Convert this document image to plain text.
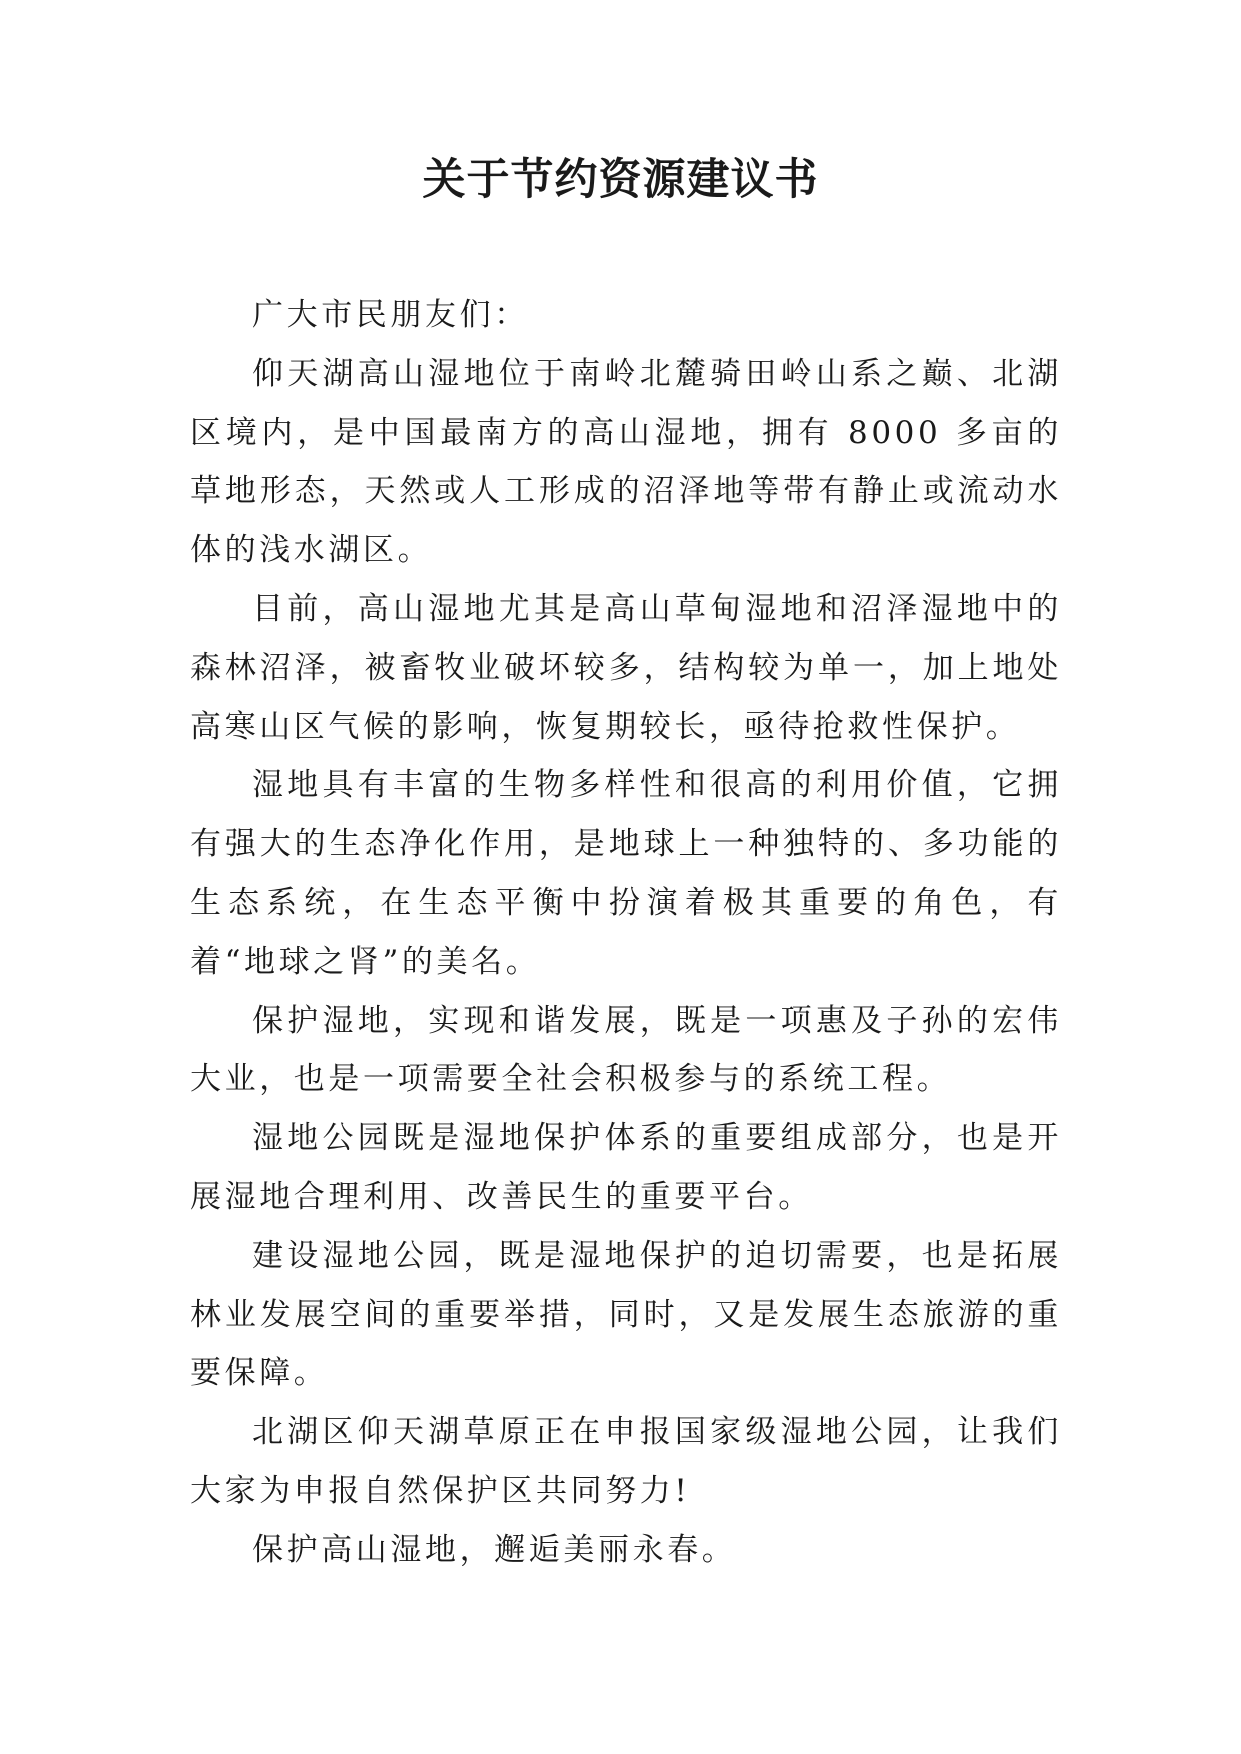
关于节约资源建议书

广大市民朋友们：

仰天湖高山湿地位于南岭北麓骑田岭山系之巅、北湖区境内，是中国最南方的高山湿地，拥有 8000 多亩的草地形态，天然或人工形成的沼泽地等带有静止或流动水体的浅水湖区。

目前，高山湿地尤其是高山草甸湿地和沼泽湿地中的森林沼泽，被畜牧业破坏较多，结构较为单一，加上地处高寒山区气候的影响，恢复期较长，亟待抢救性保护。

湿地具有丰富的生物多样性和很高的利用价值，它拥有强大的生态净化作用，是地球上一种独特的、多功能的生态系统，在生态平衡中扮演着极其重要的角色，有着“地球之肾”的美名。

保护湿地，实现和谐发展，既是一项惠及子孙的宏伟大业，也是一项需要全社会积极参与的系统工程。

湿地公园既是湿地保护体系的重要组成部分，也是开展湿地合理利用、改善民生的重要平台。

建设湿地公园，既是湿地保护的迫切需要，也是拓展林业发展空间的重要举措，同时，又是发展生态旅游的重要保障。

北湖区仰天湖草原正在申报国家级湿地公园，让我们大家为申报自然保护区共同努力!

保护高山湿地，邂逅美丽永春。
